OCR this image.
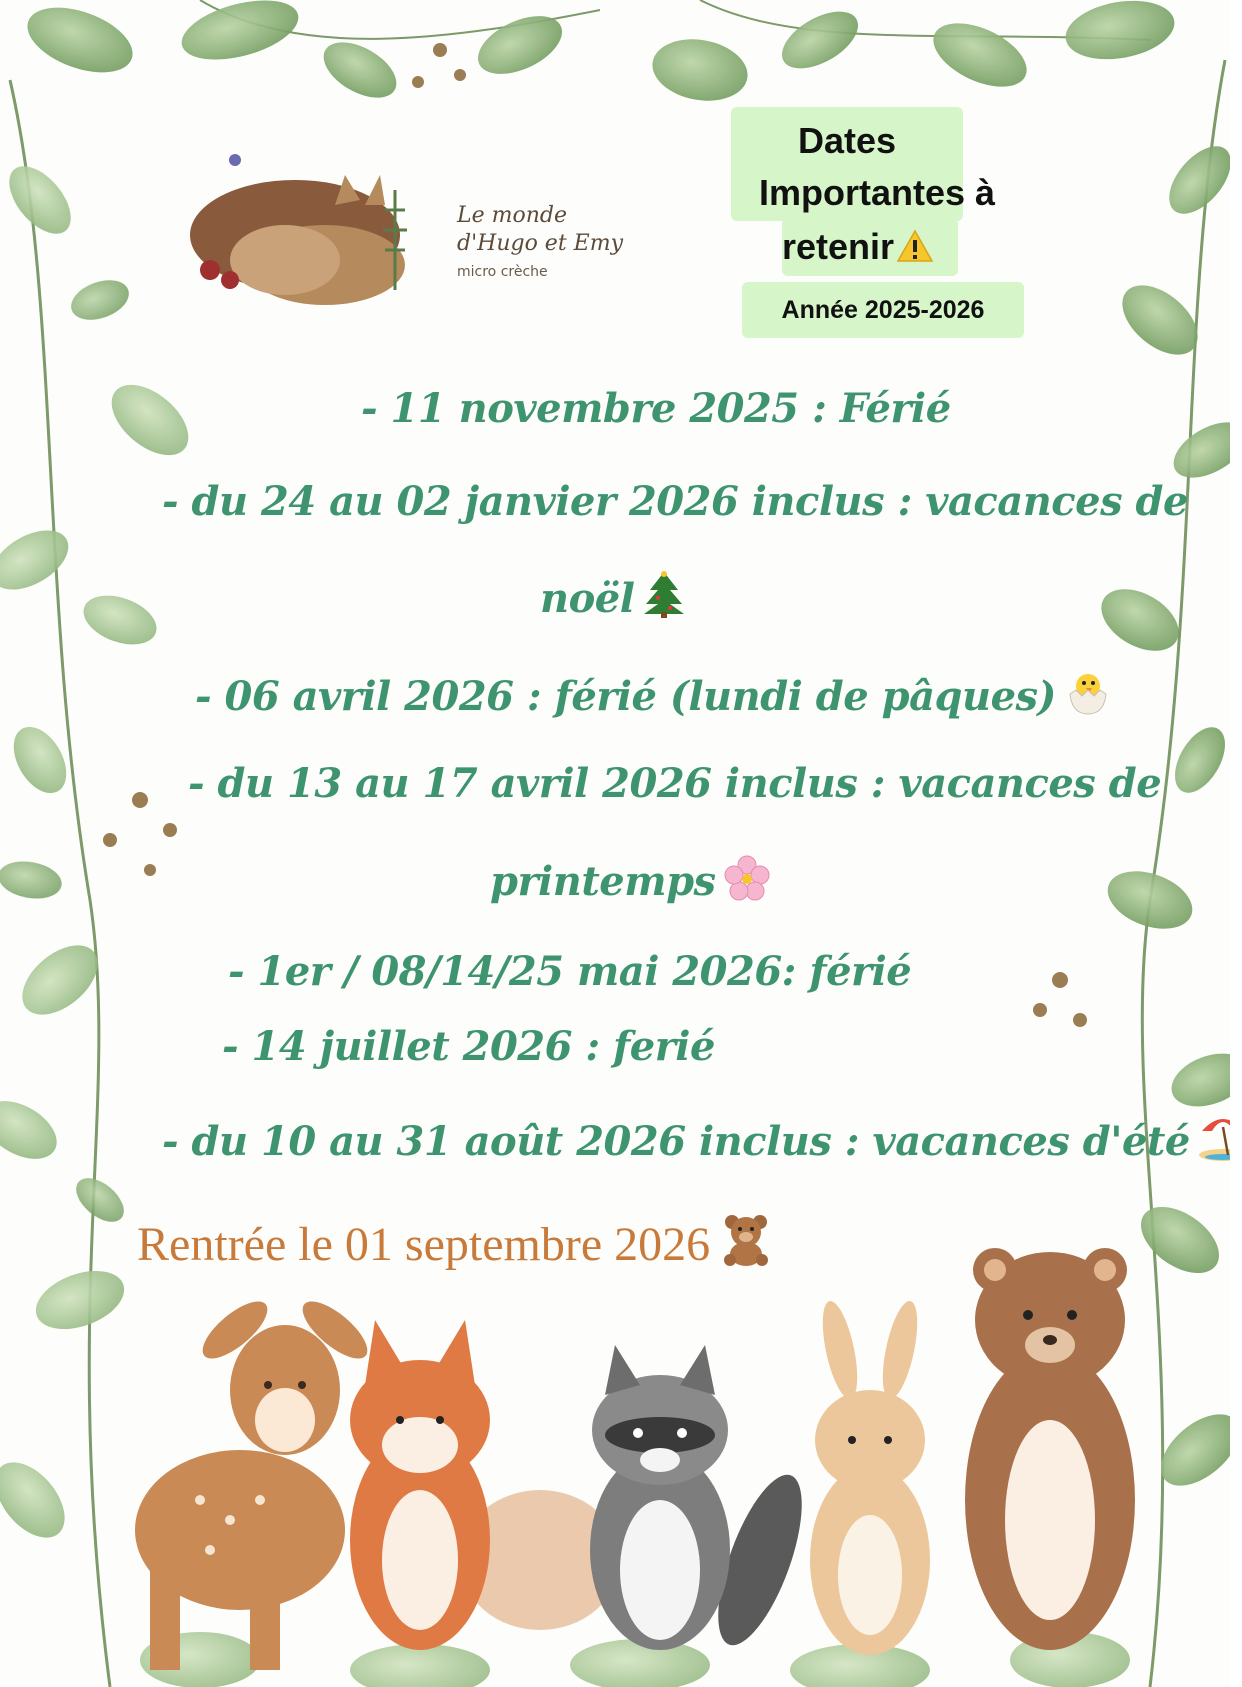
Le monde
d'Hugo et Emy
micro crèche
Dates
Importantes à
retenir
Année 2025-2026
- 11 novembre 2025 : Férié
- du 24 au 02 janvier 2026 inclus : vacances de
noël
- 06 avril 2026 : férié (lundi de pâques)
- du 13 au 17 avril 2026 inclus : vacances de
printemps
- 1er / 08/14/25 mai 2026: férié
- 14 juillet 2026 : ferié
- du 10 au 31 août 2026 inclus : vacances d'été
Rentrée le 01 septembre 2026
